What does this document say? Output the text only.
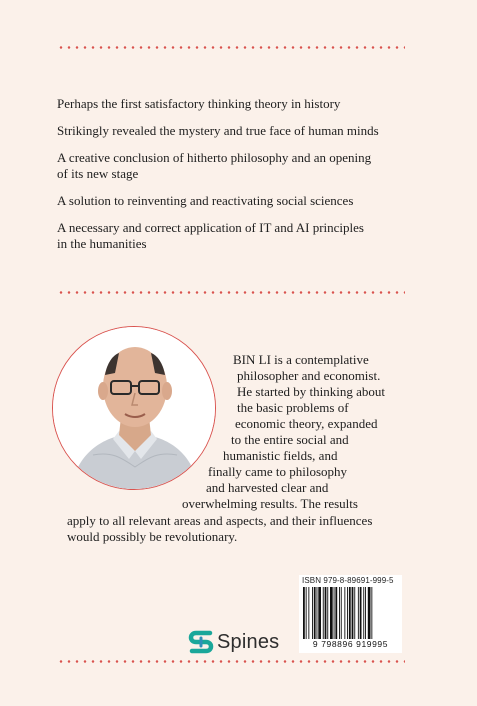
Perhaps the first satisfactory thinking theory in history

Strikingly revealed the mystery and true face of human minds

A creative conclusion of hitherto philosophy and an opening

of its new stage

A solution to reinventing and reactivating social sciences

A necessary and correct application of IT and AI principles

in the humanities

BIN LI is a contemplative
philosopher and economist.
He started by thinking about
the basic problems of
economic theory, expanded
to the entire social and
humanistic fields, and
finally came to philosophy
and harvested clear and
overwhelming results. The results
apply to all relevant areas and aspects, and their influences
would possibly be revolutionary.
Spines
ISBN 979-8-89691-999-5
9 798896 919995
